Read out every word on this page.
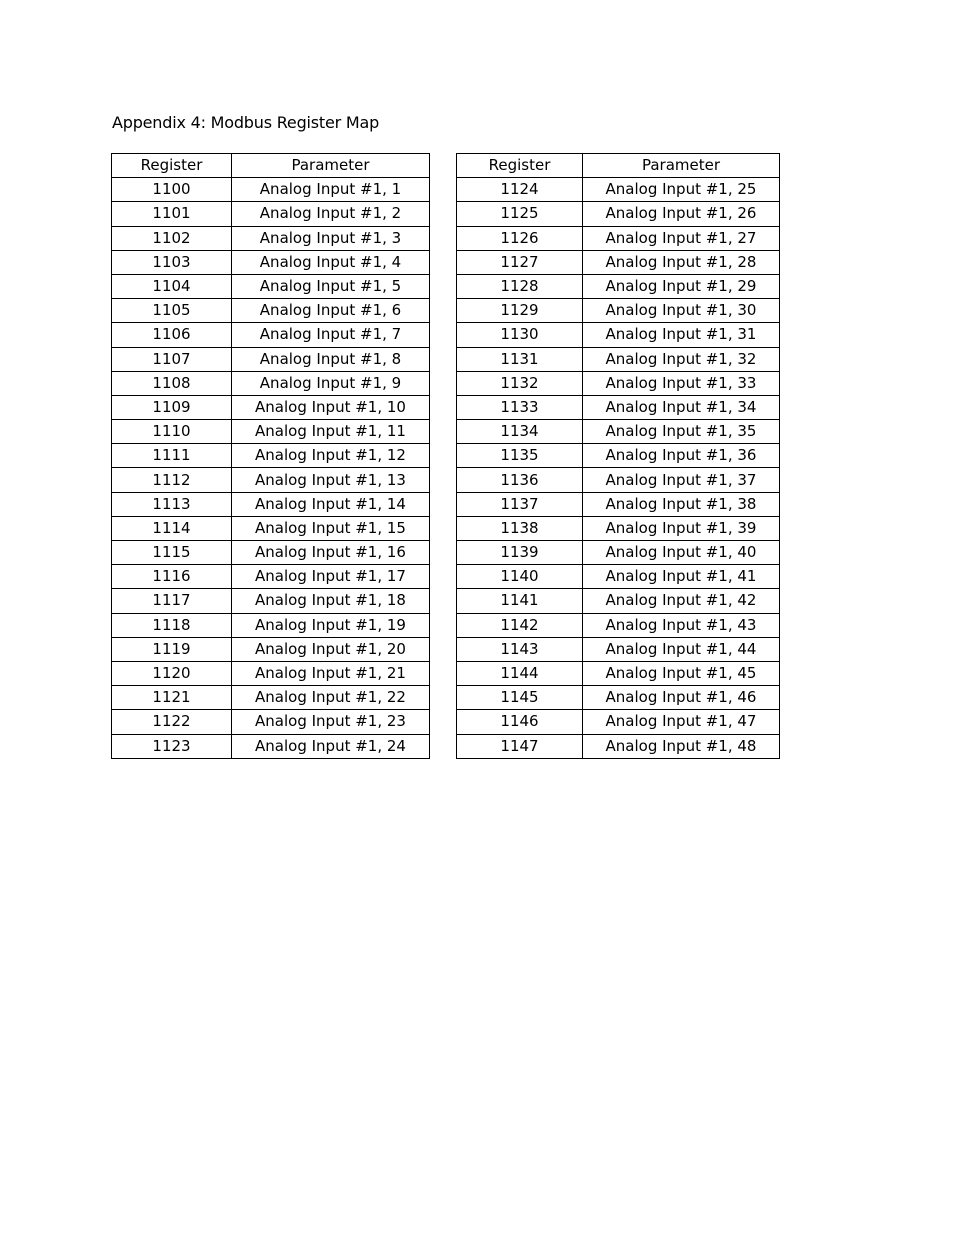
Appendix 4: Modbus Register Map
Register	Parameter
1100	Analog Input #1, 1
1101	Analog Input #1, 2
1102	Analog Input #1, 3
1103	Analog Input #1, 4
1104	Analog Input #1, 5
1105	Analog Input #1, 6
1106	Analog Input #1, 7
1107	Analog Input #1, 8
1108	Analog Input #1, 9
1109	Analog Input #1, 10
1110	Analog Input #1, 11
1111	Analog Input #1, 12
1112	Analog Input #1, 13
1113	Analog Input #1, 14
1114	Analog Input #1, 15
1115	Analog Input #1, 16
1116	Analog Input #1, 17
1117	Analog Input #1, 18
1118	Analog Input #1, 19
1119	Analog Input #1, 20
1120	Analog Input #1, 21
1121	Analog Input #1, 22
1122	Analog Input #1, 23
1123	Analog Input #1, 24
Register	Parameter
1124	Analog Input #1, 25
1125	Analog Input #1, 26
1126	Analog Input #1, 27
1127	Analog Input #1, 28
1128	Analog Input #1, 29
1129	Analog Input #1, 30
1130	Analog Input #1, 31
1131	Analog Input #1, 32
1132	Analog Input #1, 33
1133	Analog Input #1, 34
1134	Analog Input #1, 35
1135	Analog Input #1, 36
1136	Analog Input #1, 37
1137	Analog Input #1, 38
1138	Analog Input #1, 39
1139	Analog Input #1, 40
1140	Analog Input #1, 41
1141	Analog Input #1, 42
1142	Analog Input #1, 43
1143	Analog Input #1, 44
1144	Analog Input #1, 45
1145	Analog Input #1, 46
1146	Analog Input #1, 47
1147	Analog Input #1, 48
